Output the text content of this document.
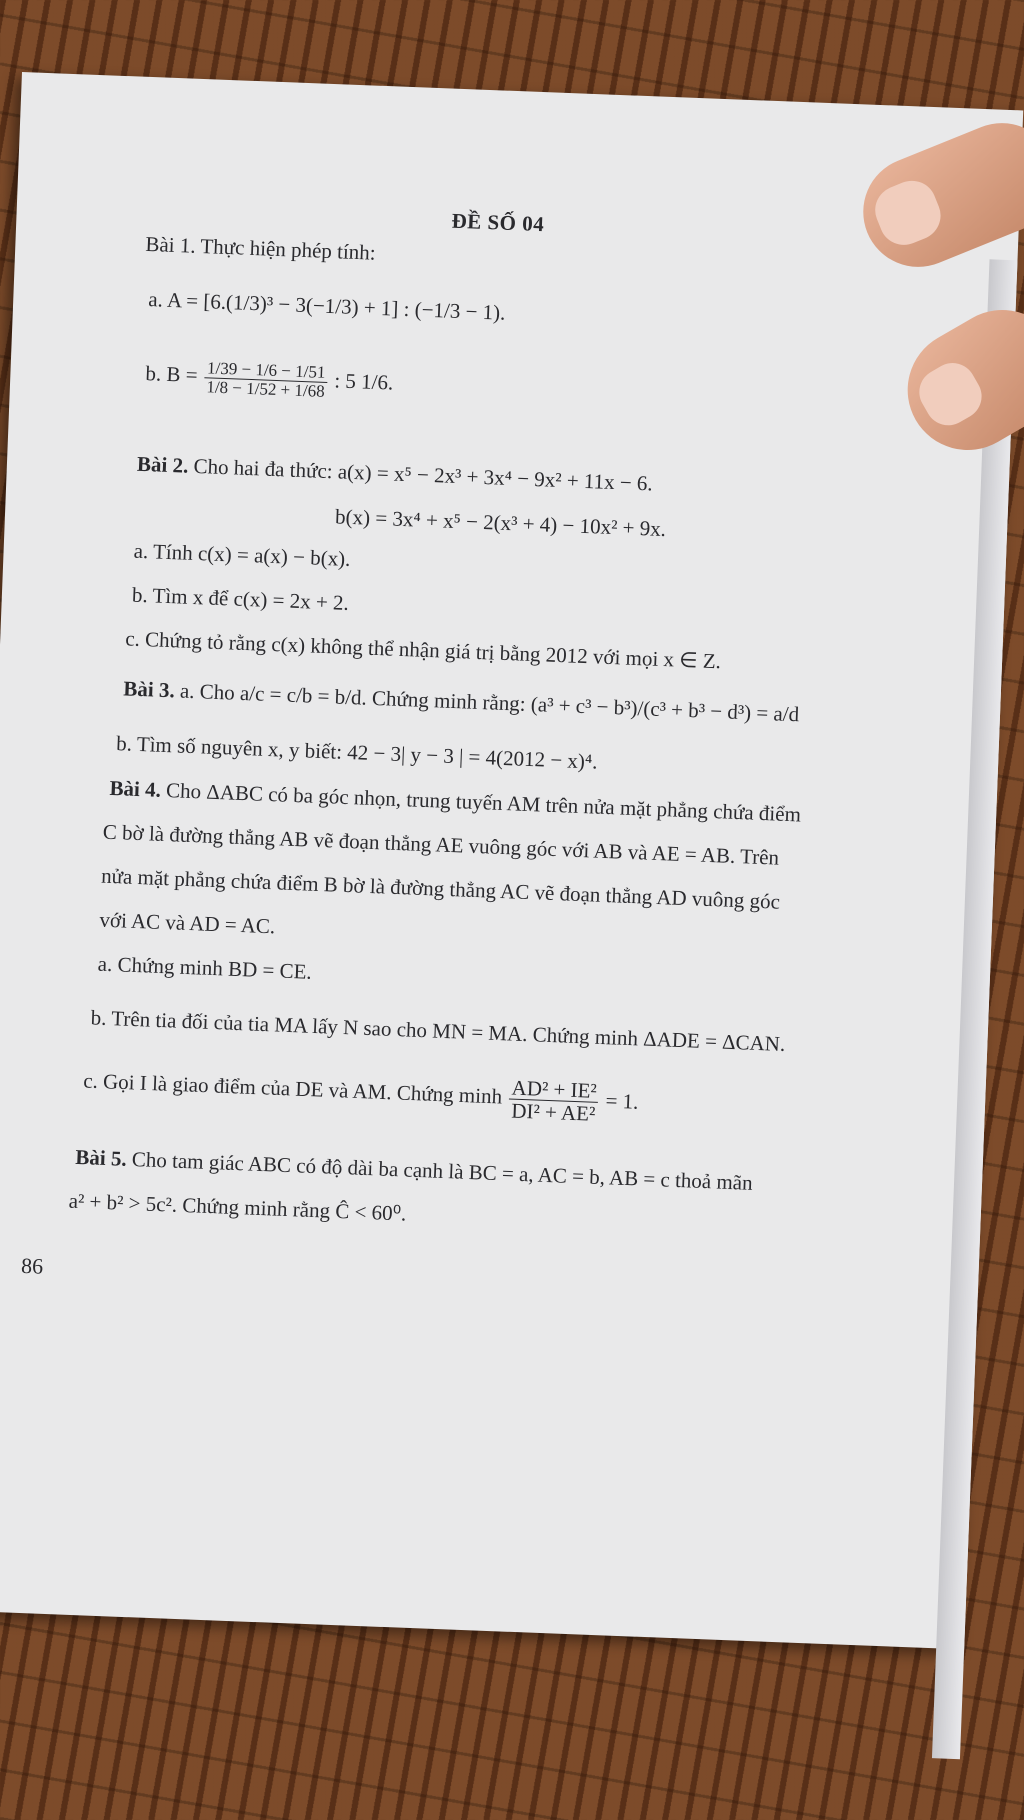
ĐỀ SỐ 04
Bài 1. Thực hiện phép tính:
a. A = [6.(1/3)³ − 3(−1/3) + 1] : (−1/3 − 1).
b. $B = \frac{1/39 - 1/6 - 1/51}{1/8 - 1/52 + 1/68}$ : 5 1/6.
Bài 2. Cho hai đa thức: a(x) = x⁵ − 2x³ + 3x⁴ − 9x² + 11x − 6.
b(x) = 3x⁴ + x⁵ − 2(x³ + 4) − 10x² + 9x.
a. Tính c(x) = a(x) − b(x).
b. Tìm x để c(x) = 2x + 2.
c. Chứng tỏ rằng c(x) không thể nhận giá trị bằng 2012 với mọi x ∈ Z.
Bài 3. a. Cho a/c = c/b = b/d. Chứng minh rằng: (a³ + c³ − b³)/(c³ + b³ − d³) = a/d
b. Tìm số nguyên x, y biết: 42 − 3| y − 3 | = 4(2012 − x)⁴.
Bài 4. Cho ΔABC có ba góc nhọn, trung tuyến AM trên nửa mặt phẳng chứa điểm
C bờ là đường thẳng AB vẽ đoạn thẳng AE vuông góc với AB và AE = AB. Trên
nửa mặt phẳng chứa điểm B bờ là đường thẳng AC vẽ đoạn thẳng AD vuông góc
với AC và AD = AC.
a. Chứng minh BD = CE.
b. Trên tia đối của tia MA lấy N sao cho MN = MA. Chứng minh ΔADE = ΔCAN.
c. Gọi I là giao điểm của DE và AM. Chứng minh $\frac{\text{AD² + IE²}}{\text{DI² + AE²}} = 1$.
Bài 5. Cho tam giác ABC có độ dài ba cạnh là BC = a, AC = b, AB = c thoả mãn
a² + b² > 5c². Chứng minh rằng Ĉ < 60⁰.
86
